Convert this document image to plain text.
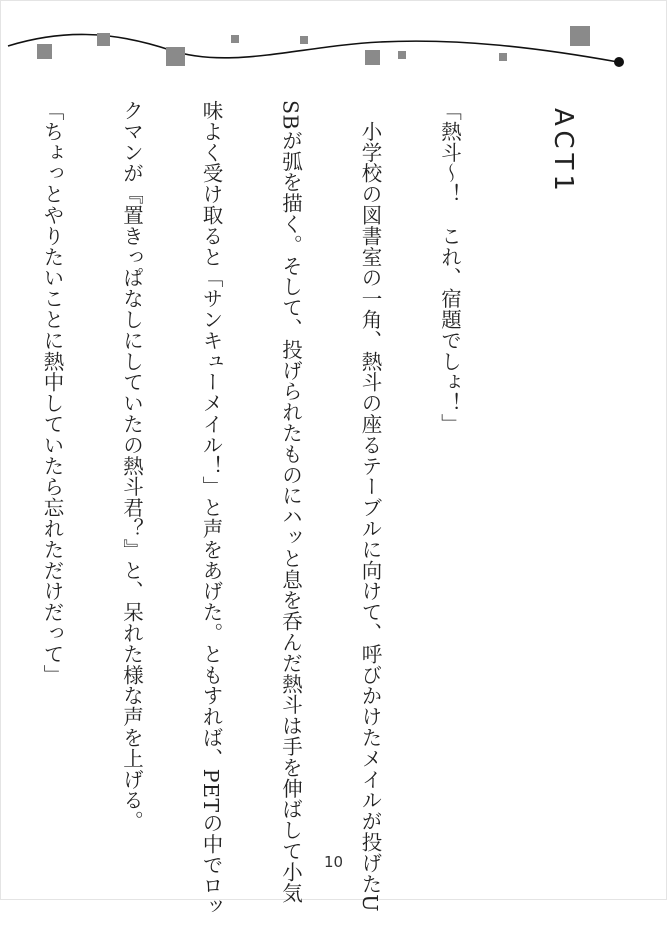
ACT1

「熱斗〜！　これ、宿題でしょ！」

　小学校の図書室の一角、熱斗の座るテーブルに向けて、呼びかけたメイルが投げたU

SBが弧を描く。そして、投げられたものにハッと息を呑んだ熱斗は手を伸ばして小気

味よく受け取ると「サンキューメイル！」と声をあげた。ともすれば、PETの中でロッ

クマンが『置きっぱなしにしていたの熱斗君？』と、呆れた様な声を上げる。

「ちょっとやりたいことに熱中していたら忘れただけだって」

10
